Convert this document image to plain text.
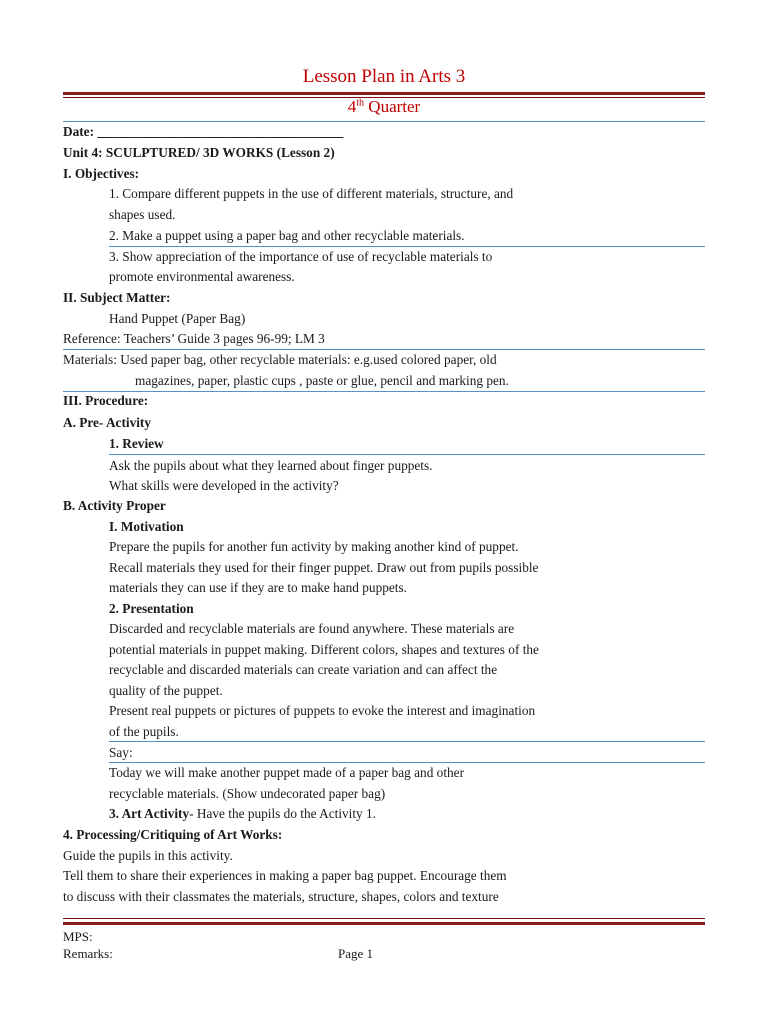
Lesson Plan in Arts 3
4th Quarter
Date: _____________________________________
Unit 4: SCULPTURED/ 3D WORKS (Lesson 2)
I. Objectives:
1. Compare different puppets in the use of different materials, structure, and
shapes used.
2. Make a puppet using a paper bag and other recyclable materials.
3. Show appreciation of the importance of use of recyclable materials to
promote environmental awareness.
II. Subject Matter:
Hand Puppet (Paper Bag)
Reference: Teachers’ Guide 3 pages 96-99; LM 3
Materials: Used paper bag, other recyclable materials: e.g.used colored paper, old
magazines, paper, plastic cups , paste or glue, pencil and marking pen.
III. Procedure:
A. Pre- Activity
1. Review
Ask the pupils about what they learned about finger puppets.
What skills were developed in the activity?
B. Activity Proper
I. Motivation
Prepare the pupils for another fun activity by making another kind of puppet.
Recall materials they used for their finger puppet. Draw out from pupils possible
materials they can use if they are to make hand puppets.
2. Presentation
Discarded and recyclable materials are found anywhere. These materials are
potential materials in puppet making. Different colors, shapes and textures of the
recyclable and discarded materials can create variation and can affect the
quality of the puppet.
Present real puppets or pictures of puppets to evoke the interest and imagination
of the pupils.
Say:
Today we will make another puppet made of a paper bag and other
recyclable materials. (Show undecorated paper bag)
3. Art Activity- Have the pupils do the Activity 1.
4. Processing/Critiquing of Art Works:
Guide the pupils in this activity.
Tell them to share their experiences in making a paper bag puppet. Encourage them
to discuss with their classmates the materials, structure, shapes, colors and texture
MPS:
Remarks:	Page 1
